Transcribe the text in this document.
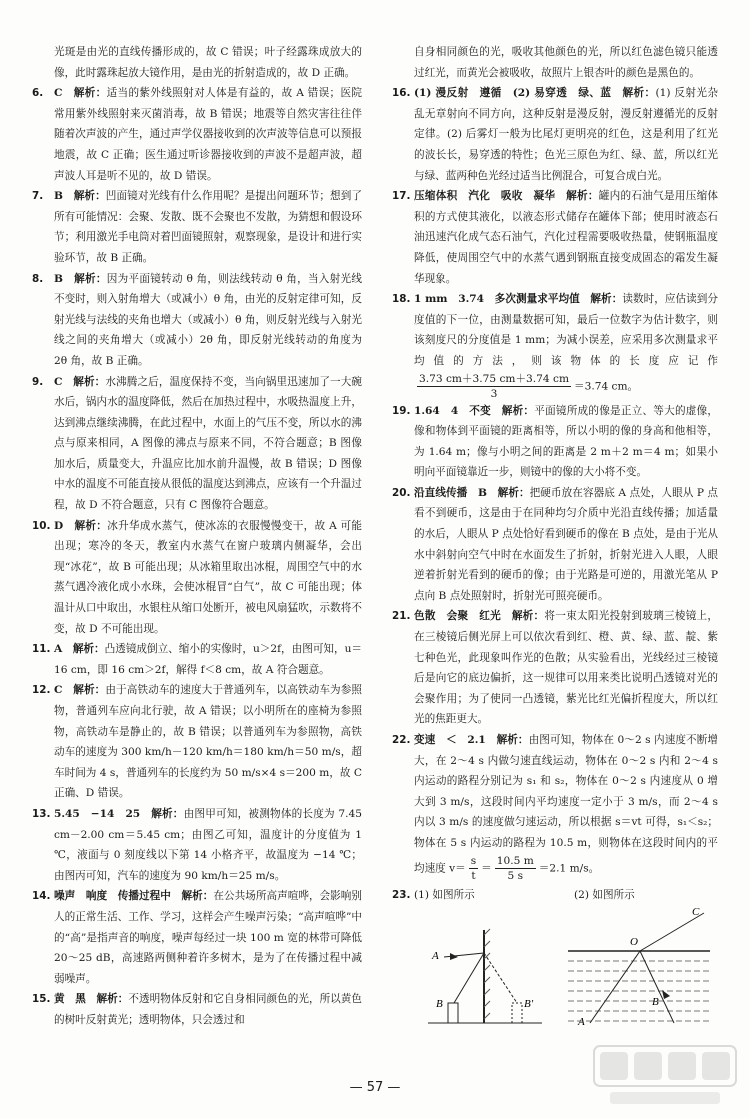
光斑是由光的直线传播形成的，故 C 错误；叶子经露珠成放大的像，此时露珠起放大镜作用，是由光的折射造成的，故 D 正确。
6. C　 解析：适当的紫外线照射对人体是有益的，故 A 错误；医院常用紫外线照射来灭菌消毒，故 B 错误；地震等自然灾害往往伴随着次声波的产生，通过声学仪器接收到的次声波等信息可以预报地震，故 C 正确；医生通过听诊器接收到的声波不是超声波，超声波人耳是听不见的，故 D 错误。
7. B　 解析：凹面镜对光线有什么作用呢？是提出问题环节；想到了所有可能情况：会聚、发散、既不会聚也不发散，为猜想和假设环节；利用激光手电筒对着凹面镜照射，观察现象，是设计和进行实验环节，故 B 正确。
8. B　 解析：因为平面镜转动 θ 角，则法线转动 θ 角，当入射光线不变时，则入射角增大（或减小）θ 角，由光的反射定律可知，反射光线与法线的夹角也增大（或减小）θ 角，则反射光线与入射光线之间的夹角增大（或减小）2θ 角，即反射光线转动的角度为 2θ 角，故 B 正确。
9. C　 解析：水沸腾之后，温度保持不变，当向锅里迅速加了一大碗水后，锅内水的温度降低，然后在加热过程中，水吸热温度上升，达到沸点继续沸腾，在此过程中，水面上的气压不变，所以水的沸点与原来相同，A 图像的沸点与原来不同，不符合题意；B 图像加水后，质量变大，升温应比加水前升温慢，故 B 错误；D 图像中水的温度不可能直接从很低的温度达到沸点，应该有一个升温过程，故 D 不符合题意，只有 C 图像符合题意。
10. D　 解析：冰升华成水蒸气，使冰冻的衣服慢慢变干，故 A 可能出现；寒冷的冬天，教室内水蒸气在窗户玻璃内侧凝华，会出现“冰花”，故 B 可能出现；从冰箱里取出冰棍，周围空气中的水蒸气遇冷液化成小水珠，会使冰棍冒“白气”，故 C 可能出现；体温计从口中取出，水银柱从缩口处断开，被电风扇猛吹，示数将不变，故 D 不可能出现。
11. A　 解析：凸透镜成倒立、缩小的实像时，u＞2f，由图可知，u＝16 cm，即 16 cm＞2f，解得 f＜8 cm，故 A 符合题意。
12. C　 解析：由于高铁动车的速度大于普通列车，以高铁动车为参照物，普通列车应向北行驶，故 A 错误；以小明所在的座椅为参照物，高铁动车是静止的，故 B 错误；以普通列车为参照物，高铁动车的速度为 300 km/h－120 km/h＝180 km/h＝50 m/s，超车时间为 4 s，普通列车的长度约为 50 m/s×4 s＝200 m，故 C 正确、D 错误。
13. 5.45　−14　25　 解析：由图甲可知，被测物体的长度为 7.45 cm－2.00 cm＝5.45 cm；由图乙可知，温度计的分度值为 1 ℃，液面与 0 刻度线以下第 14 小格齐平，故温度为 −14 ℃；由图丙可知，汽车的速度为 90 km/h＝25 m/s。
14. 噪声　响度　传播过程中　 解析：在公共场所高声喧哗，会影响别人的正常生活、工作、学习，这样会产生噪声污染；“高声喧哗”中的“高”是指声音的响度，噪声每经过一块 100 m 宽的林带可降低 20～25 dB，高速路两侧种着许多树木，是为了在传播过程中减弱噪声。
15. 黄　黑　 解析：不透明物体反射和它自身相同颜色的光，所以黄色的树叶反射黄光；透明物体，只会透过和
自身相同颜色的光，吸收其他颜色的光，所以红色滤色镜只能透过红光，而黄光会被吸收，故照片上银杏叶的颜色是黑色的。
16. (1) 漫反射　遵循　(2) 易穿透　绿、蓝　 解析：(1) 反射光杂乱无章射向不同方向，这种反射是漫反射，漫反射遵循光的反射定律。(2) 后雾灯一般为比尾灯更明亮的红色，这是利用了红光的波长长，易穿透的特性；色光三原色为红、绿、蓝，所以红光与绿、蓝两种色光经过适当比例混合，可复合成白光。
17. 压缩体积　汽化　吸收　凝华　 解析：罐内的石油气是用压缩体积的方式使其液化，以液态形式储存在罐体下部；使用时液态石油迅速汽化成气态石油气，汽化过程需要吸收热量，使钢瓶温度降低，使周围空气中的水蒸气遇到钢瓶直接变成固态的霜发生凝华现象。
18. 1 mm　3.74　多次测量求平均值　 解析：读数时，应估读到分度值的下一位，由测量数据可知，最后一位数字为估计数字，则该刻度尺的分度值是 1 mm；为减小误差，应采用多次测量求平均值的方法，则该物体的长度应记作
$\frac{3.73 cm+3.75 cm+3.74 cm}{3} =3.74$ cm。
19. 1.64　4　不变　 解析：平面镜所成的像是正立、等大的虚像，像和物体到平面镜的距离相等，所以小明的像的身高和他相等，为 1.64 m；像与小明之间的距离是 2 m＋2 m＝4 m；如果小明向平面镜靠近一步，则镜中的像的大小将不变。
20. 沿直线传播　B　 解析：把硬币放在容器底 A 点处，人眼从 P 点看不到硬币，这是由于在同种均匀介质中光沿直线传播；加适量的水后，人眼从 P 点处恰好看到硬币的像在 B 点处，是由于光从水中斜射向空气中时在水面发生了折射，折射光进入人眼，人眼逆着折射光看到的硬币的像；由于光路是可逆的，用激光笔从 P 点向 B 点处照射时，折射光可照亮硬币。
21. 色散　会聚　红光　 解析：将一束太阳光投射到玻璃三棱镜上，在三棱镜后侧光屏上可以依次看到红、橙、黄、绿、蓝、靛、紫七种色光，此现象叫作光的色散；从实验看出，光线经过三棱镜后是向它的底边偏折，这一规律可以用来类比说明凸透镜对光的会聚作用；为了使同一凸透镜，紫光比红光偏折程度大，所以红光的焦距更大。
22. 变速　＜　2.1　 解析：由图可知，物体在 0～2 s 内速度不断增大，在 2～4 s 内做匀速直线运动，物体在 0～2 s 内和 2～4 s 内运动的路程分别记为 s₁ 和 s₂，物体在 0～2 s 内速度从 0 增大到 3 m/s，这段时间内平均速度一定小于 3 m/s，而 2～4 s 内以 3 m/s 的速度做匀速运动，所以根据 s＝vt 可得，s₁＜s₂；物体在 5 s 内运动的路程为 10.5 m，则物体在这段时间内的平均速度 $v= \frac{s}{t} = \frac{10.5 m}{5 s} =2.1$ m/s。
23. (1) 如图所示	(2) 如图所示
A
B	B′
C
O
B
A
— 57 —
